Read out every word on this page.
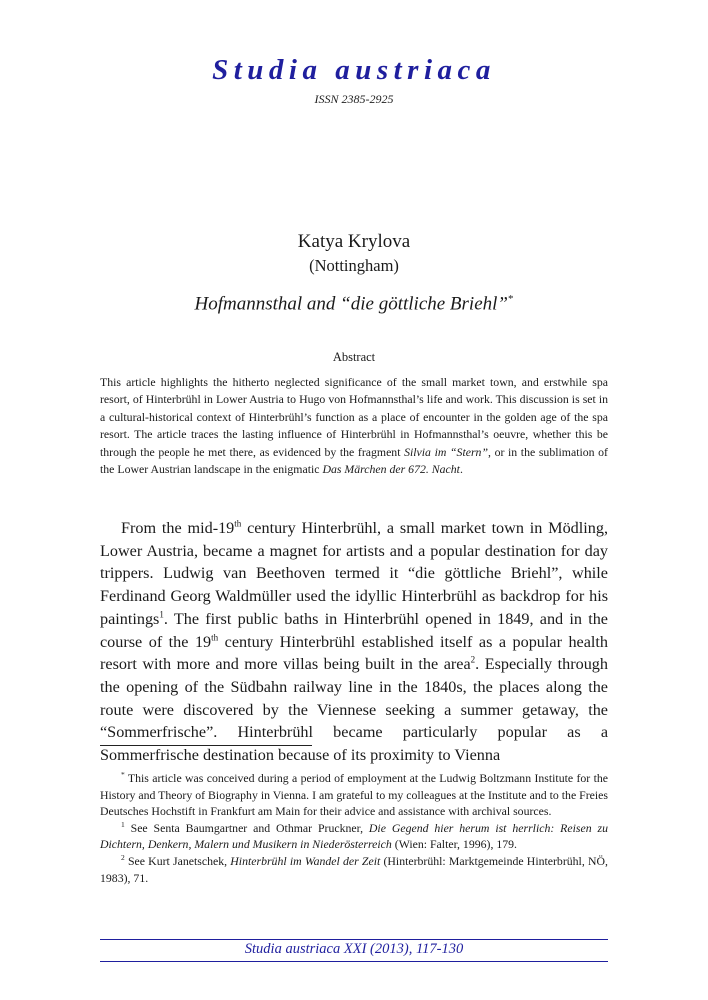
Studia austriaca
ISSN 2385-2925
Katya Krylova
(Nottingham)
Hofmannsthal and “die göttliche Briehl”*
Abstract
This article highlights the hitherto neglected significance of the small market town, and erstwhile spa resort, of Hinterbrühl in Lower Austria to Hugo von Hofmannsthal’s life and work. This discussion is set in a cultural-historical context of Hinterbrühl’s function as a place of encounter in the golden age of the spa resort. The article traces the lasting influence of Hinterbrühl in Hofmannsthal’s oeuvre, whether this be through the people he met there, as evidenced by the fragment Silvia im “Stern”, or in the sublimation of the Lower Austrian landscape in the enigmatic Das Märchen der 672. Nacht.

From the mid-19th century Hinterbrühl, a small market town in Mödling, Lower Austria, became a magnet for artists and a popular destination for day trippers. Ludwig van Beethoven termed it “die göttliche Briehl”, while Ferdinand Georg Waldmüller used the idyllic Hinterbrühl as backdrop for his paintings$^1$. The first public baths in Hinterbrühl opened in 1849, and in the course of the 19th century Hinterbrühl established itself as a popular health resort with more and more villas being built in the area$^2$. Especially through the opening of the Südbahn railway line in the 1840s, the places along the route were discovered by the Viennese seeking a summer getaway, the “Sommerfrische”. Hinterbrühl became particularly popular as a Sommerfrische destination because of its proximity to Vienna

* This article was conceived during a period of employment at the Ludwig Boltzmann Institute for the History and Theory of Biography in Vienna. I am grateful to my colleagues at the Institute and to the Freies Deutsches Hochstift in Frankfurt am Main for their advice and assistance with archival sources.

$^1$ See Senta Baumgartner and Othmar Pruckner, Die Gegend hier herum ist herrlich: Reisen zu Dichtern, Denkern, Malern und Musikern in Niederösterreich (Wien: Falter, 1996), 179.

$^2$ See Kurt Janetschek, Hinterbrühl im Wandel der Zeit (Hinterbrühl: Marktgemeinde Hinterbrühl, NÖ, 1983), 71.

Studia austriaca XXI (2013), 117-130
